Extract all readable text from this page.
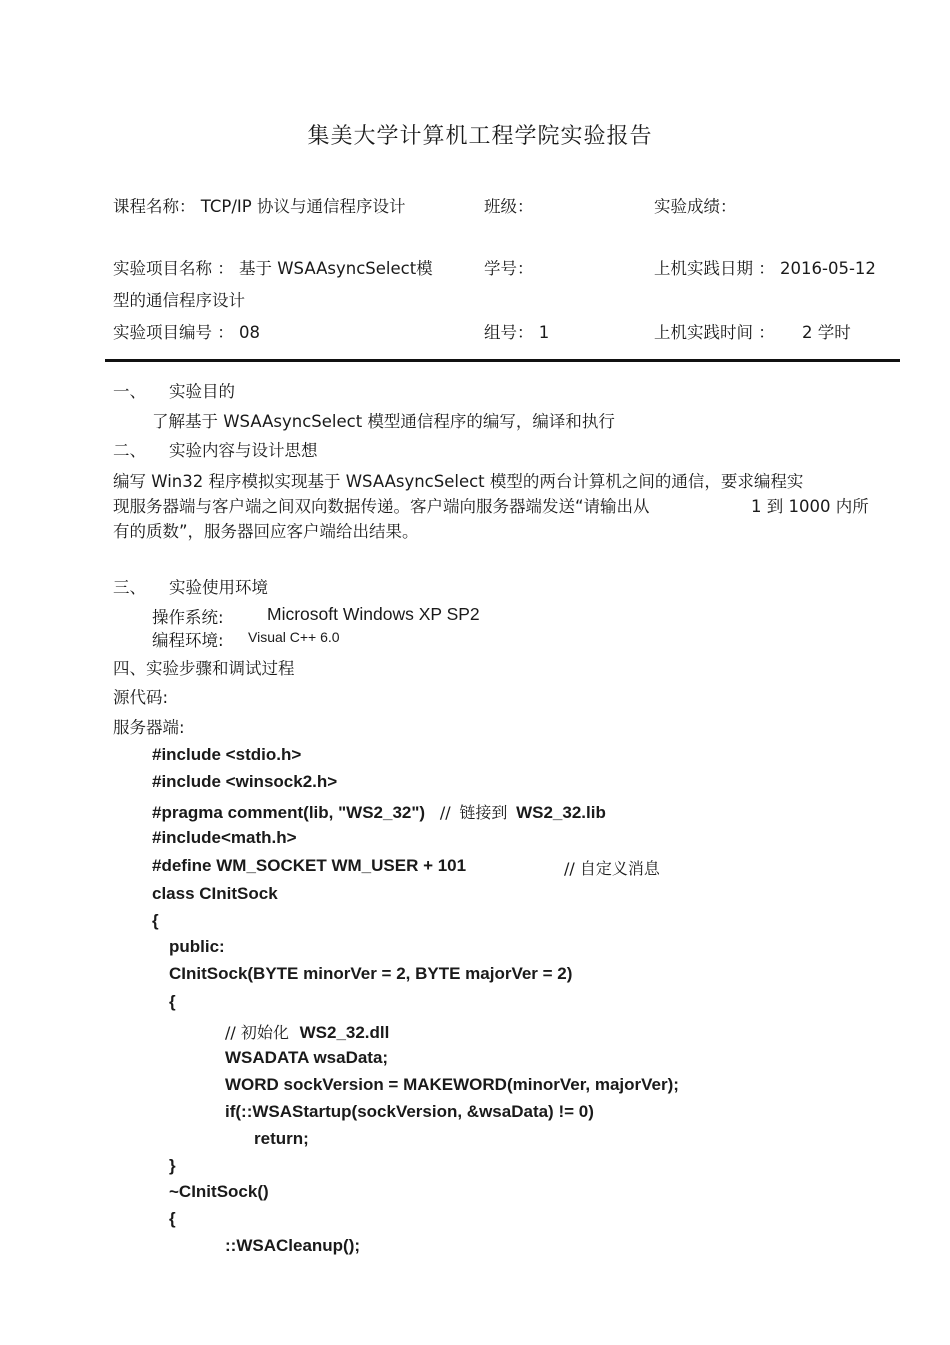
集美大学计算机工程学院实验报告
课程名称： TCP/IP 协议与通信程序设计	班级：	实验成绩：
实验项目名称 ： 基于 WSAAsyncSelect模
型的通信程序设计
学号：	上机实践日期 ： 2016-05-12
实验项目编号 ： 08	组号： 1	上机实践时间 ： 2 学时
一、 实验目的
了解基于 WSAAsyncSelect 模型通信程序的编写，编译和执行
二、 实验内容与设计思想
编写 Win32 程序模拟实现基于 WSAAsyncSelect 模型的两台计算机之间的通信，要求编程实
现服务器端与客户端之间双向数据传递。客户端向服务器端发送“请输出从	1 到 1000 内所
有的质数”，服务器回应客户端给出结果。
三、 实验使用环境
操作系统: Microsoft Windows XP SP2
编程环境: Visual C++ 6.0
四、实验步骤和调试过程
源代码:
服务器端:
#include <stdio.h>
#include <winsock2.h>
#pragma comment(lib, "WS2_32") // 链接到 WS2_32.lib
#include<math.h>
#define WM_SOCKET WM_USER + 101	// 自定义消息
class CInitSock
{
public:
CInitSock(BYTE minorVer = 2, BYTE majorVer = 2)
{
// 初始化 WS2_32.dll
WSADATA wsaData;
WORD sockVersion = MAKEWORD(minorVer, majorVer);
if(::WSAStartup(sockVersion, &wsaData) != 0)
return;
}
~CInitSock()
{
::WSACleanup();
